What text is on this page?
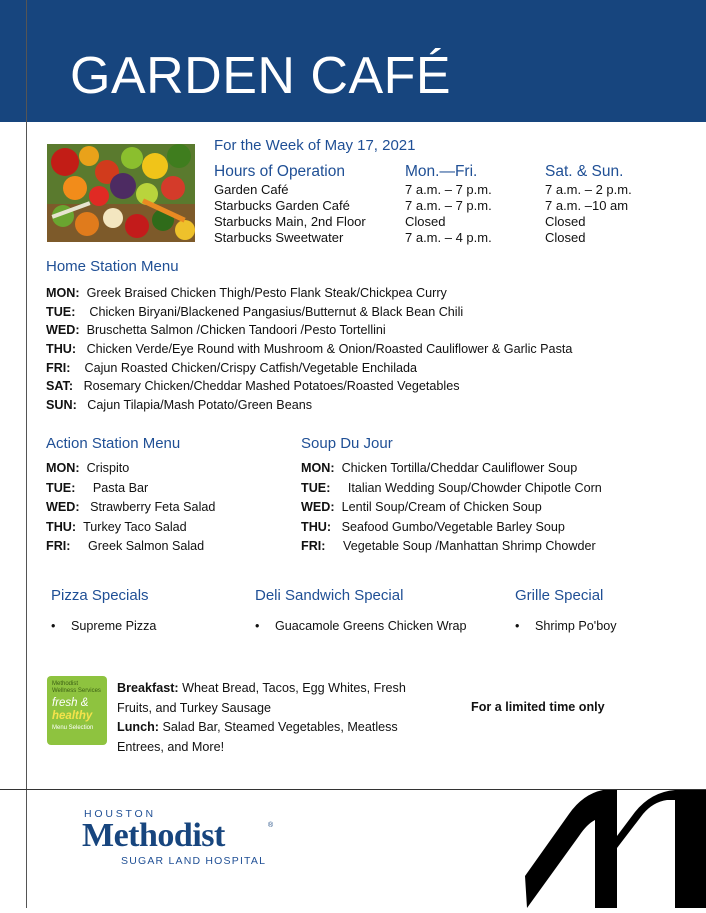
GARDEN CAFÉ
For the Week of May 17, 2021
Hours of Operation	Mon.—Fri.	Sat. & Sun.
Garden Café	7 a.m. – 7 p.m.	7 a.m. – 2 p.m.
Starbucks Garden Café	7 a.m. – 7 p.m.	7 a.m. –10 am
Starbucks Main, 2nd Floor	Closed	Closed
Starbucks Sweetwater	7 a.m. – 4 p.m.	Closed
Home Station Menu
MON: Greek Braised Chicken Thigh/Pesto Flank Steak/Chickpea Curry
TUE: Chicken Biryani/Blackened Pangasius/Butternut & Black Bean Chili
WED: Bruschetta Salmon /Chicken Tandoori /Pesto Tortellini
THU: Chicken Verde/Eye Round with Mushroom & Onion/Roasted Cauliflower & Garlic Pasta
FRI: Cajun Roasted Chicken/Crispy Catfish/Vegetable Enchilada
SAT: Rosemary Chicken/Cheddar Mashed Potatoes/Roasted Vegetables
SUN: Cajun Tilapia/Mash Potato/Green Beans
Action Station Menu
MON: Crispito
TUE: Pasta Bar
WED: Strawberry Feta Salad
THU: Turkey Taco Salad
FRI: Greek Salmon Salad
Soup Du Jour
MON: Chicken Tortilla/Cheddar Cauliflower Soup
TUE: Italian Wedding Soup/Chowder Chipotle Corn
WED: Lentil Soup/Cream of Chicken Soup
THU: Seafood Gumbo/Vegetable Barley Soup
FRI: Vegetable Soup /Manhattan Shrimp Chowder
Pizza Specials
• Supreme Pizza
Deli Sandwich Special
• Guacamole Greens Chicken Wrap
Grille Special
• Shrimp Po'boy
Methodist
Wellness Services
fresh &
healthy
Menu Selection
Breakfast: Wheat Bread, Tacos, Egg Whites, Fresh Fruits, and Turkey Sausage
Lunch: Salad Bar, Steamed Vegetables, Meatless Entrees, and More!
For a limited time only
HOUSTON
Methodist	®
SUGAR LAND HOSPITAL
